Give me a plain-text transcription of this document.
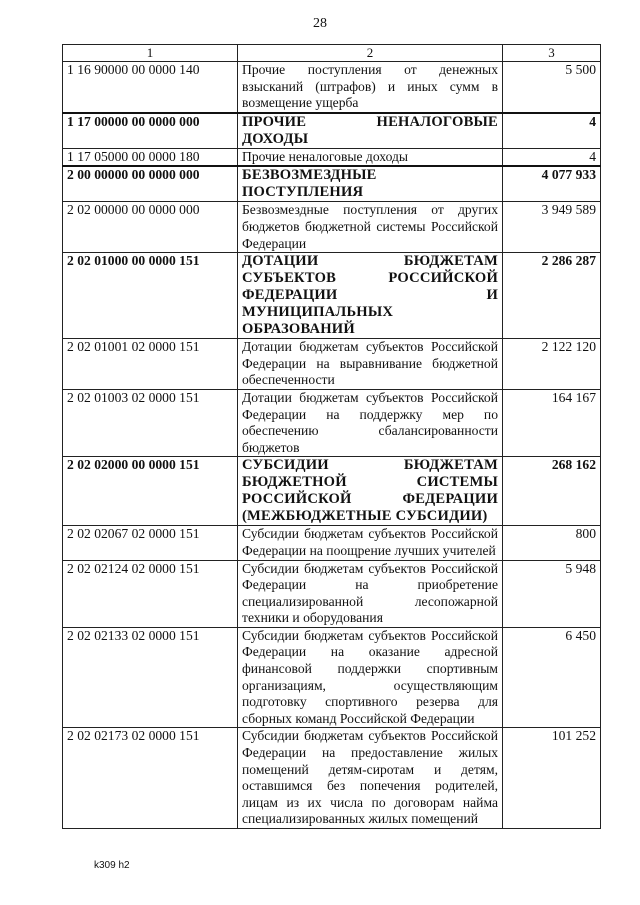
28
1	2	3
1 16 90000 00 0000 140	Прочие поступления от денежных взысканий (штрафов) и иных сумм в возмещение ущерба	5 500
1 17 00000 00 0000 000	ПРОЧИЕ НЕНАЛОГОВЫЕ ДОХОДЫ	4
1 17 05000 00 0000 180	Прочие неналоговые доходы	4
2 00 00000 00 0000 000	БЕЗВОЗМЕЗДНЫЕ ПОСТУПЛЕНИЯ	4 077 933
2 02 00000 00 0000 000	Безвозмездные поступления от других бюджетов бюджетной системы Российской Федерации	3 949 589
2 02 01000 00 0000 151	ДОТАЦИИ БЮДЖЕТАМ СУБЪЕКТОВ РОССИЙСКОЙ ФЕДЕРАЦИИ И МУНИЦИПАЛЬНЫХ ОБРАЗОВАНИЙ	2 286 287
2 02 01001 02 0000 151	Дотации бюджетам субъектов Российской Федерации на выравнивание бюджетной обеспеченности	2 122 120
2 02 01003 02 0000 151	Дотации бюджетам субъектов Российской Федерации на поддержку мер по обеспечению сбалансированности бюджетов	164 167
2 02 02000 00 0000 151	СУБСИДИИ БЮДЖЕТАМ БЮДЖЕТНОЙ СИСТЕМЫ РОССИЙСКОЙ ФЕДЕРАЦИИ (МЕЖБЮДЖЕТНЫЕ СУБСИДИИ)	268 162
2 02 02067 02 0000 151	Субсидии бюджетам субъектов Российской Федерации на поощрение лучших учителей	800
2 02 02124 02 0000 151	Субсидии бюджетам субъектов Российской Федерации на приобретение специализированной лесопожарной техники и оборудования	5 948
2 02 02133 02 0000 151	Субсидии бюджетам субъектов Российской Федерации на оказание адресной финансовой поддержки спортивным организациям, осуществляющим подготовку спортивного резерва для сборных команд Российской Федерации	6 450
2 02 02173 02 0000 151	Субсидии бюджетам субъектов Российской Федерации на предоставление жилых помещений детям-сиротам и детям, оставшимся без попечения родителей, лицам из их числа по договорам найма специализированных жилых помещений	101 252
k309 h2
